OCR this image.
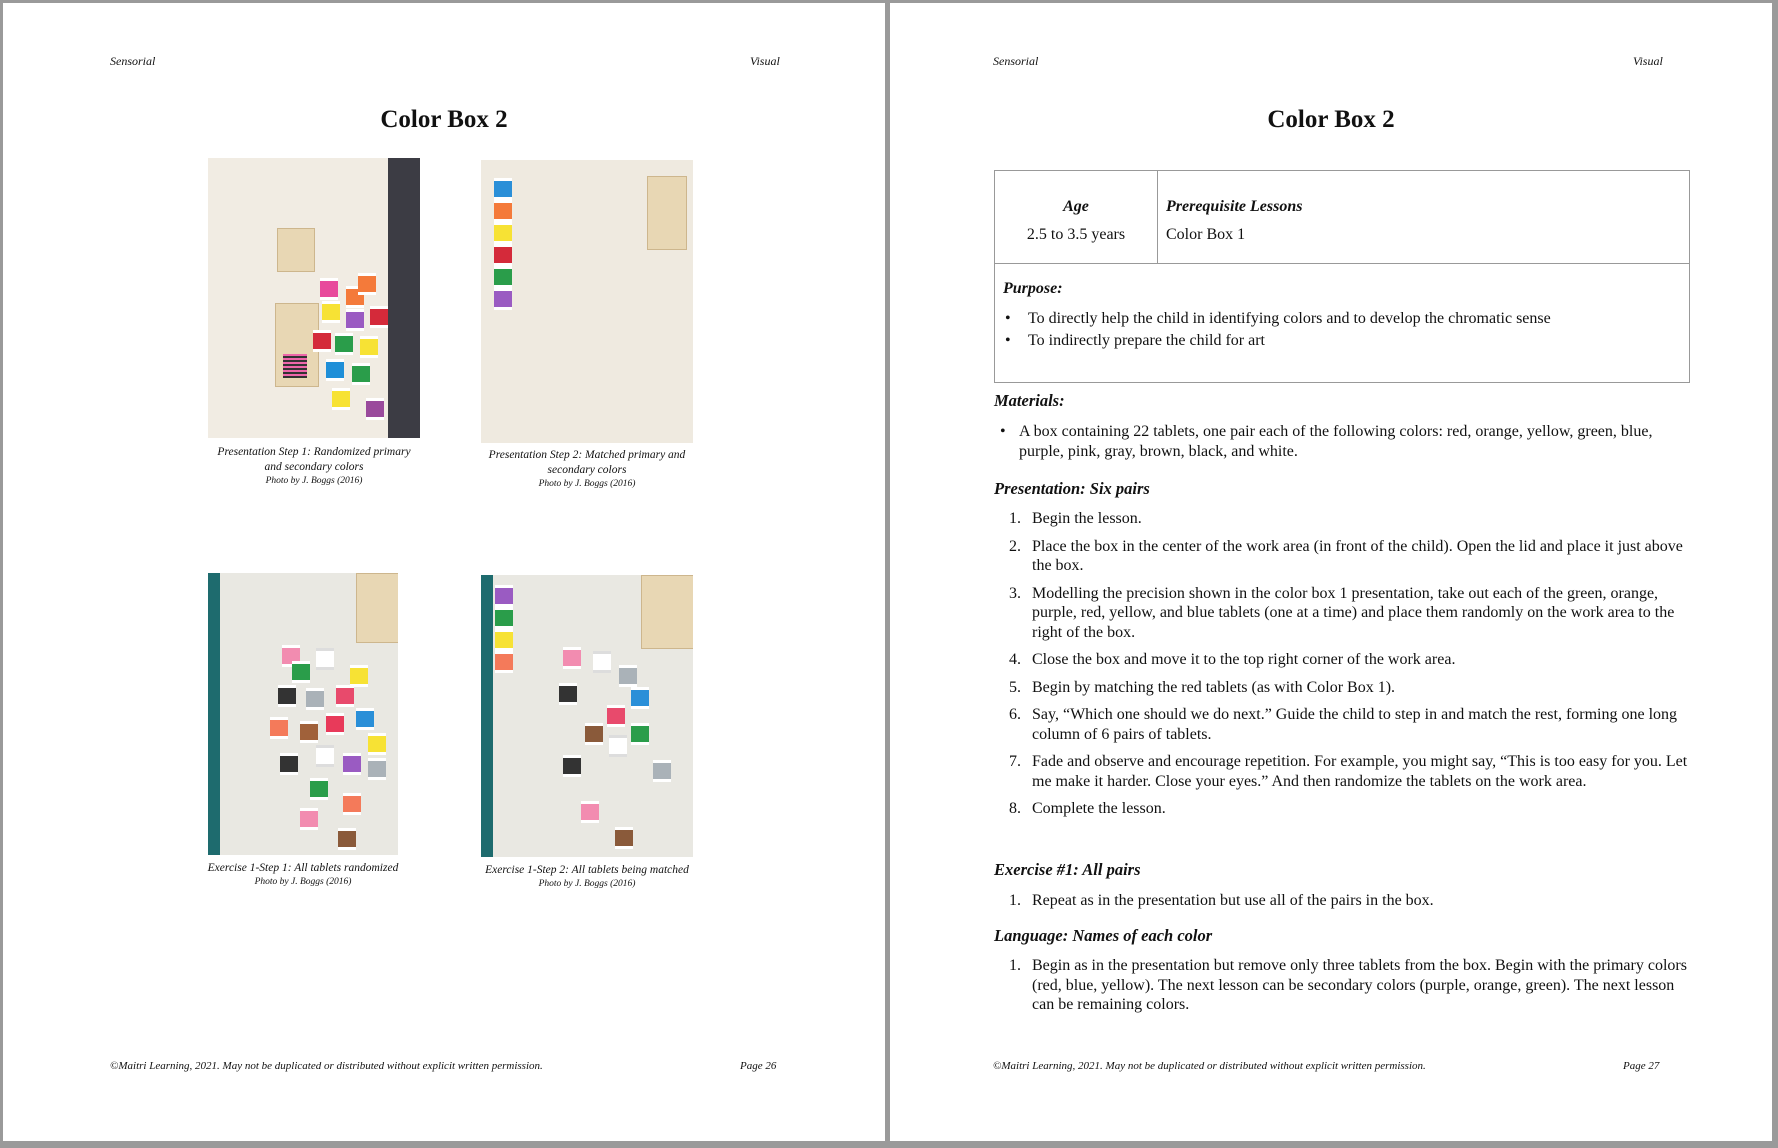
Sensorial	Visual
Color Box 2
Presentation Step 1: Randomized primary and secondary colors
Photo by J. Boggs (2016)
Presentation Step 2: Matched primary and secondary colors
Photo by J. Boggs (2016)
Exercise 1-Step 1: All tablets randomized
Photo by J. Boggs (2016)
Exercise 1-Step 2: All tablets being matched
Photo by J. Boggs (2016)
©Maitri Learning, 2021. May not be duplicated or distributed without explicit written permission.	Page 26
Sensorial	Visual
Color Box 2
Age
2.5 to 3.5 years

Prerequisite Lessons
Color Box 1

Purpose:
• To directly help the child in identifying colors and to develop the chromatic sense
• To indirectly prepare the child for art
Materials:
• A box containing 22 tablets, one pair each of the following colors: red, orange, yellow, green, blue, purple, pink, gray, brown, black, and white.
Presentation: Six pairs
1. Begin the lesson.
2. Place the box in the center of the work area (in front of the child). Open the lid and place it just above the box.
3. Modelling the precision shown in the color box 1 presentation, take out each of the green, orange, purple, red, yellow, and blue tablets (one at a time) and place them randomly on the work area to the right of the box.
4. Close the box and move it to the top right corner of the work area.
5. Begin by matching the red tablets (as with Color Box 1).
6. Say, “Which one should we do next.” Guide the child to step in and match the rest, forming one long column of 6 pairs of tablets.
7. Fade and observe and encourage repetition. For example, you might say, “This is too easy for you. Let me make it harder. Close your eyes.” And then randomize the tablets on the work area.
8. Complete the lesson.
Exercise #1: All pairs
1. Repeat as in the presentation but use all of the pairs in the box.
Language: Names of each color
1. Begin as in the presentation but remove only three tablets from the box. Begin with the primary colors (red, blue, yellow). The next lesson can be secondary colors (purple, orange, green). The next lesson can be remaining colors.
©Maitri Learning, 2021. May not be duplicated or distributed without explicit written permission.	Page 27
